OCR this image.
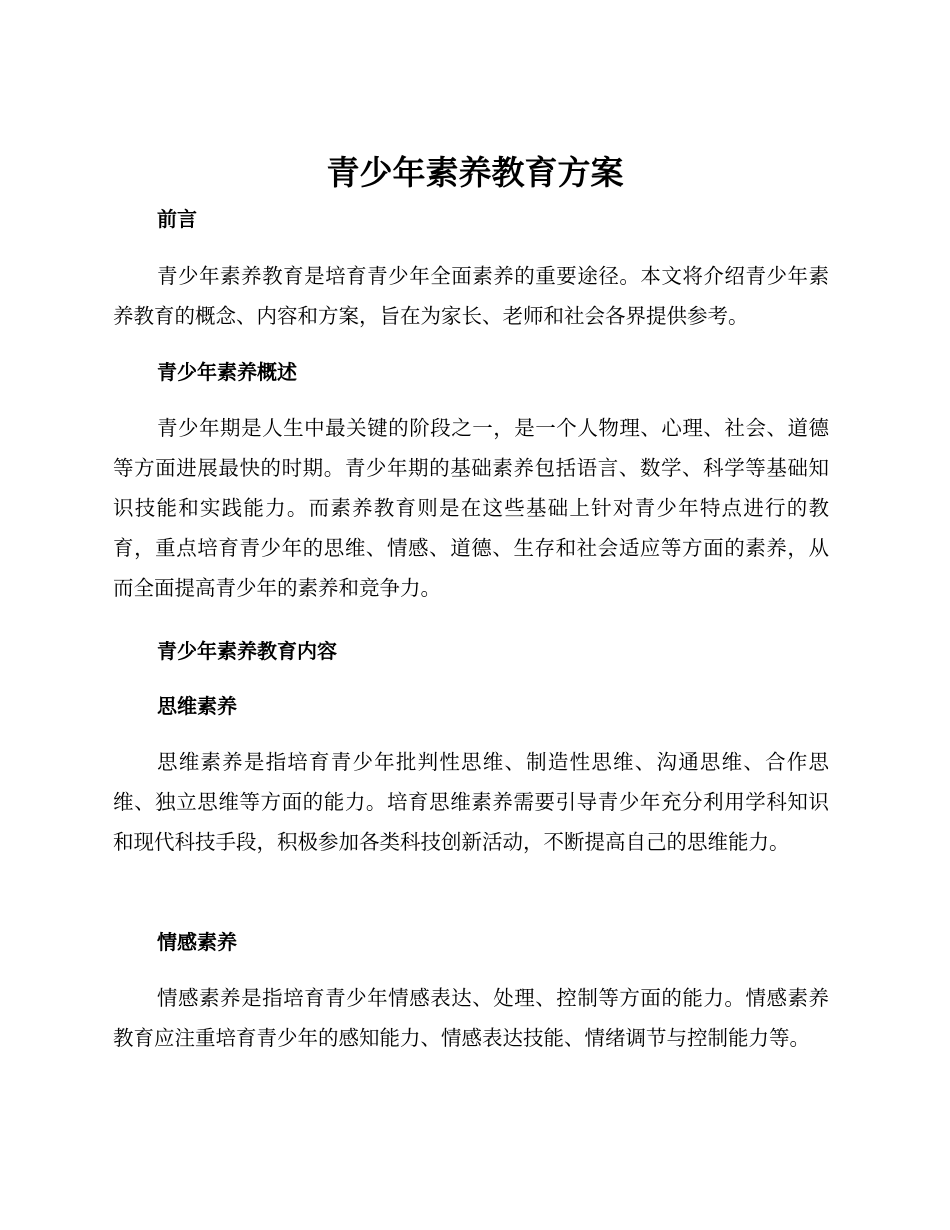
青少年素养教育方案
前言

青少年素养教育是培育青少年全面素养的重要途径。本文将介绍青少年素养教育的概念、内容和方案，旨在为家长、老师和社会各界提供参考。

青少年素养概述

青少年期是人生中最关键的阶段之一，是一个人物理、心理、社会、道德等方面进展最快的时期。青少年期的基础素养包括语言、数学、科学等基础知识技能和实践能力。而素养教育则是在这些基础上针对青少年特点进行的教育，重点培育青少年的思维、情感、道德、生存和社会适应等方面的素养，从而全面提高青少年的素养和竞争力。

青少年素养教育内容
思维素养

思维素养是指培育青少年批判性思维、制造性思维、沟通思维、合作思维、独立思维等方面的能力。培育思维素养需要引导青少年充分利用学科知识和现代科技手段，积极参加各类科技创新活动，不断提高自己的思维能力。

情感素养

情感素养是指培育青少年情感表达、处理、控制等方面的能力。情感素养教育应注重培育青少年的感知能力、情感表达技能、情绪调节与控制能力等。
